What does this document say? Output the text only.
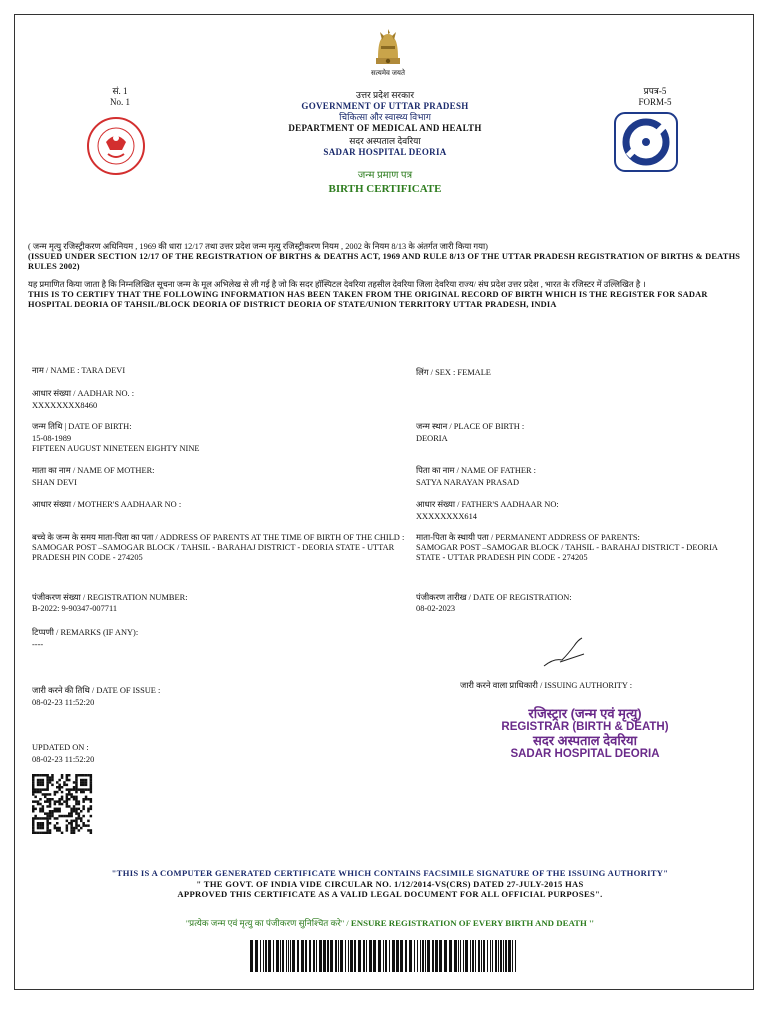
सत्यमेव जयते
सं. 1
No. 1
प्रपत्र-5
FORM-5
उत्तर प्रदेश सरकार
GOVERNMENT OF UTTAR PRADESH
चिकित्सा और स्वास्थ्य विभाग
DEPARTMENT OF MEDICAL AND HEALTH
सदर अस्पताल देवरिया
SADAR HOSPITAL DEORIA
जन्म प्रमाण पत्र
BIRTH CERTIFICATE
( जन्म मृत्यु रजिस्ट्रीकरण अधिनियम , 1969 की धारा 12/17 तथा उत्तर प्रदेश जन्म मृत्यु रजिस्ट्रीकरण नियम , 2002 के नियम 8/13 के अंतर्गत जारी किया गया)
(ISSUED UNDER SECTION 12/17 OF THE REGISTRATION OF BIRTHS & DEATHS ACT, 1969 AND RULE 8/13 OF THE UTTAR PRADESH REGISTRATION OF BIRTHS & DEATHS RULES 2002)
यह प्रमाणित किया जाता है कि निम्नलिखित सूचना जन्म के मूल अभिलेख से ली गई है जो कि सदर हॉस्पिटल देवरिया तहसील देवरिया जिला देवरिया राज्य/ संघ प्रदेश उत्तर प्रदेश , भारत के रजिस्टर में उल्लिखित है ।
THIS IS TO CERTIFY THAT THE FOLLOWING INFORMATION HAS BEEN TAKEN FROM THE ORIGINAL RECORD OF BIRTH WHICH IS THE REGISTER FOR SADAR HOSPITAL DEORIA OF TAHSIL/BLOCK DEORIA OF DISTRICT DEORIA OF STATE/UNION TERRITORY UTTAR PRADESH, INDIA
नाम / NAME : TARA DEVI	लिंग / SEX : FEMALE
आधार संख्या / AADHAR NO. :
XXXXXXXX8460
जन्म तिथि | DATE OF BIRTH:
15-08-1989
FIFTEEN AUGUST NINETEEN EIGHTY NINE
जन्म स्थान / PLACE OF BIRTH :
DEORIA
माता का नाम / NAME OF MOTHER:
SHAN DEVI
पिता का नाम / NAME OF FATHER :
SATYA NARAYAN PRASAD
आधार संख्या / MOTHER'S AADHAAR NO :	आधार संख्या / FATHER'S AADHAAR NO:
XXXXXXXX614
बच्चे के जन्म के समय माता-पिता का पता / ADDRESS OF PARENTS AT THE TIME OF BIRTH OF THE CHILD :
SAMOGAR POST –SAMOGAR BLOCK / TAHSIL - BARAHAJ DISTRICT - DEORIA STATE - UTTAR PRADESH PIN CODE - 274205
माता-पिता के स्थायी पता / PERMANENT ADDRESS OF PARENTS:
SAMOGAR POST –SAMOGAR BLOCK / TAHSIL - BARAHAJ DISTRICT - DEORIA STATE - UTTAR PRADESH PIN CODE - 274205
पंजीकरण संख्या / REGISTRATION NUMBER:
B-2022: 9-90347-007711
पंजीकरण तारीख / DATE OF REGISTRATION:
08-02-2023
टिप्पणी / REMARKS (IF ANY):
----
जारी करने की तिथि / DATE OF ISSUE :
08-02-23 11:52:20
जारी करने वाला प्राधिकारी / ISSUING AUTHORITY :
रजिस्ट्रार (जन्म एवं मृत्यु)
REGISTRAR (BIRTH & DEATH)
सदर अस्पताल देवरिया
SADAR HOSPITAL DEORIA
UPDATED ON :
08-02-23 11:52:20
"THIS IS A COMPUTER GENERATED CERTIFICATE WHICH CONTAINS FACSIMILE SIGNATURE OF THE ISSUING AUTHORITY"
" THE GOVT. OF INDIA VIDE CIRCULAR NO. 1/12/2014-VS(CRS) DATED 27-JULY-2015 HAS
APPROVED THIS CERTIFICATE AS A VALID LEGAL DOCUMENT FOR ALL OFFICIAL PURPOSES".
''प्रत्येक जन्म एवं मृत्यु का पंजीकरण सुनिश्चित करे'' / ENSURE REGISTRATION OF EVERY BIRTH AND DEATH ''
